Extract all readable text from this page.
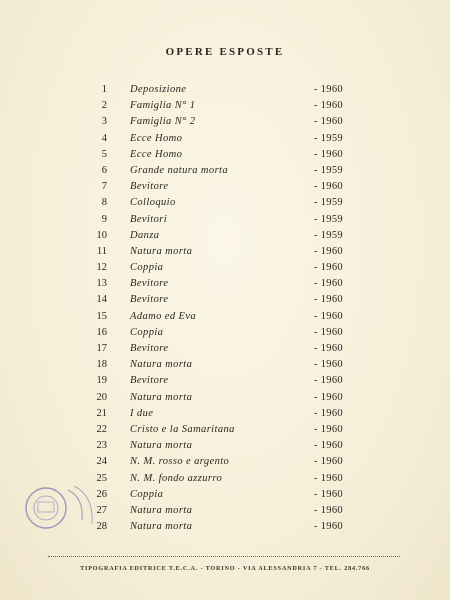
OPERE ESPOSTE
1 Deposizione	- 1960
2 Famiglia N° 1	- 1960
3 Famiglia N° 2	- 1960
4 Ecce Homo	- 1959
5 Ecce Homo	- 1960
6 Grande natura morta	- 1959
7 Bevitore	- 1960
8 Colloquio	- 1959
9 Bevitori	- 1959
10 Danza	- 1959
11 Natura morta	- 1960
12 Coppia	- 1960
13 Bevitore	- 1960
14 Bevitore	- 1960
15 Adamo ed Eva	- 1960
16 Coppia	- 1960
17 Bevitore	- 1960
18 Natura morta	- 1960
19 Bevitore	- 1960
20 Natura morta	- 1960
21 I due	- 1960
22 Cristo e la Samaritana	- 1960
23 Natura morta	- 1960
24 N. M. rosso e argento	- 1960
25 N. M. fondo azzurro	- 1960
26 Coppia	- 1960
27 Natura morta	- 1960
28 Natura morta	- 1960
TIPOGRAFIA EDITRICE T.E.C.A. - TORINO - VIA ALESSANDRIA 7 - TEL. 284.766
